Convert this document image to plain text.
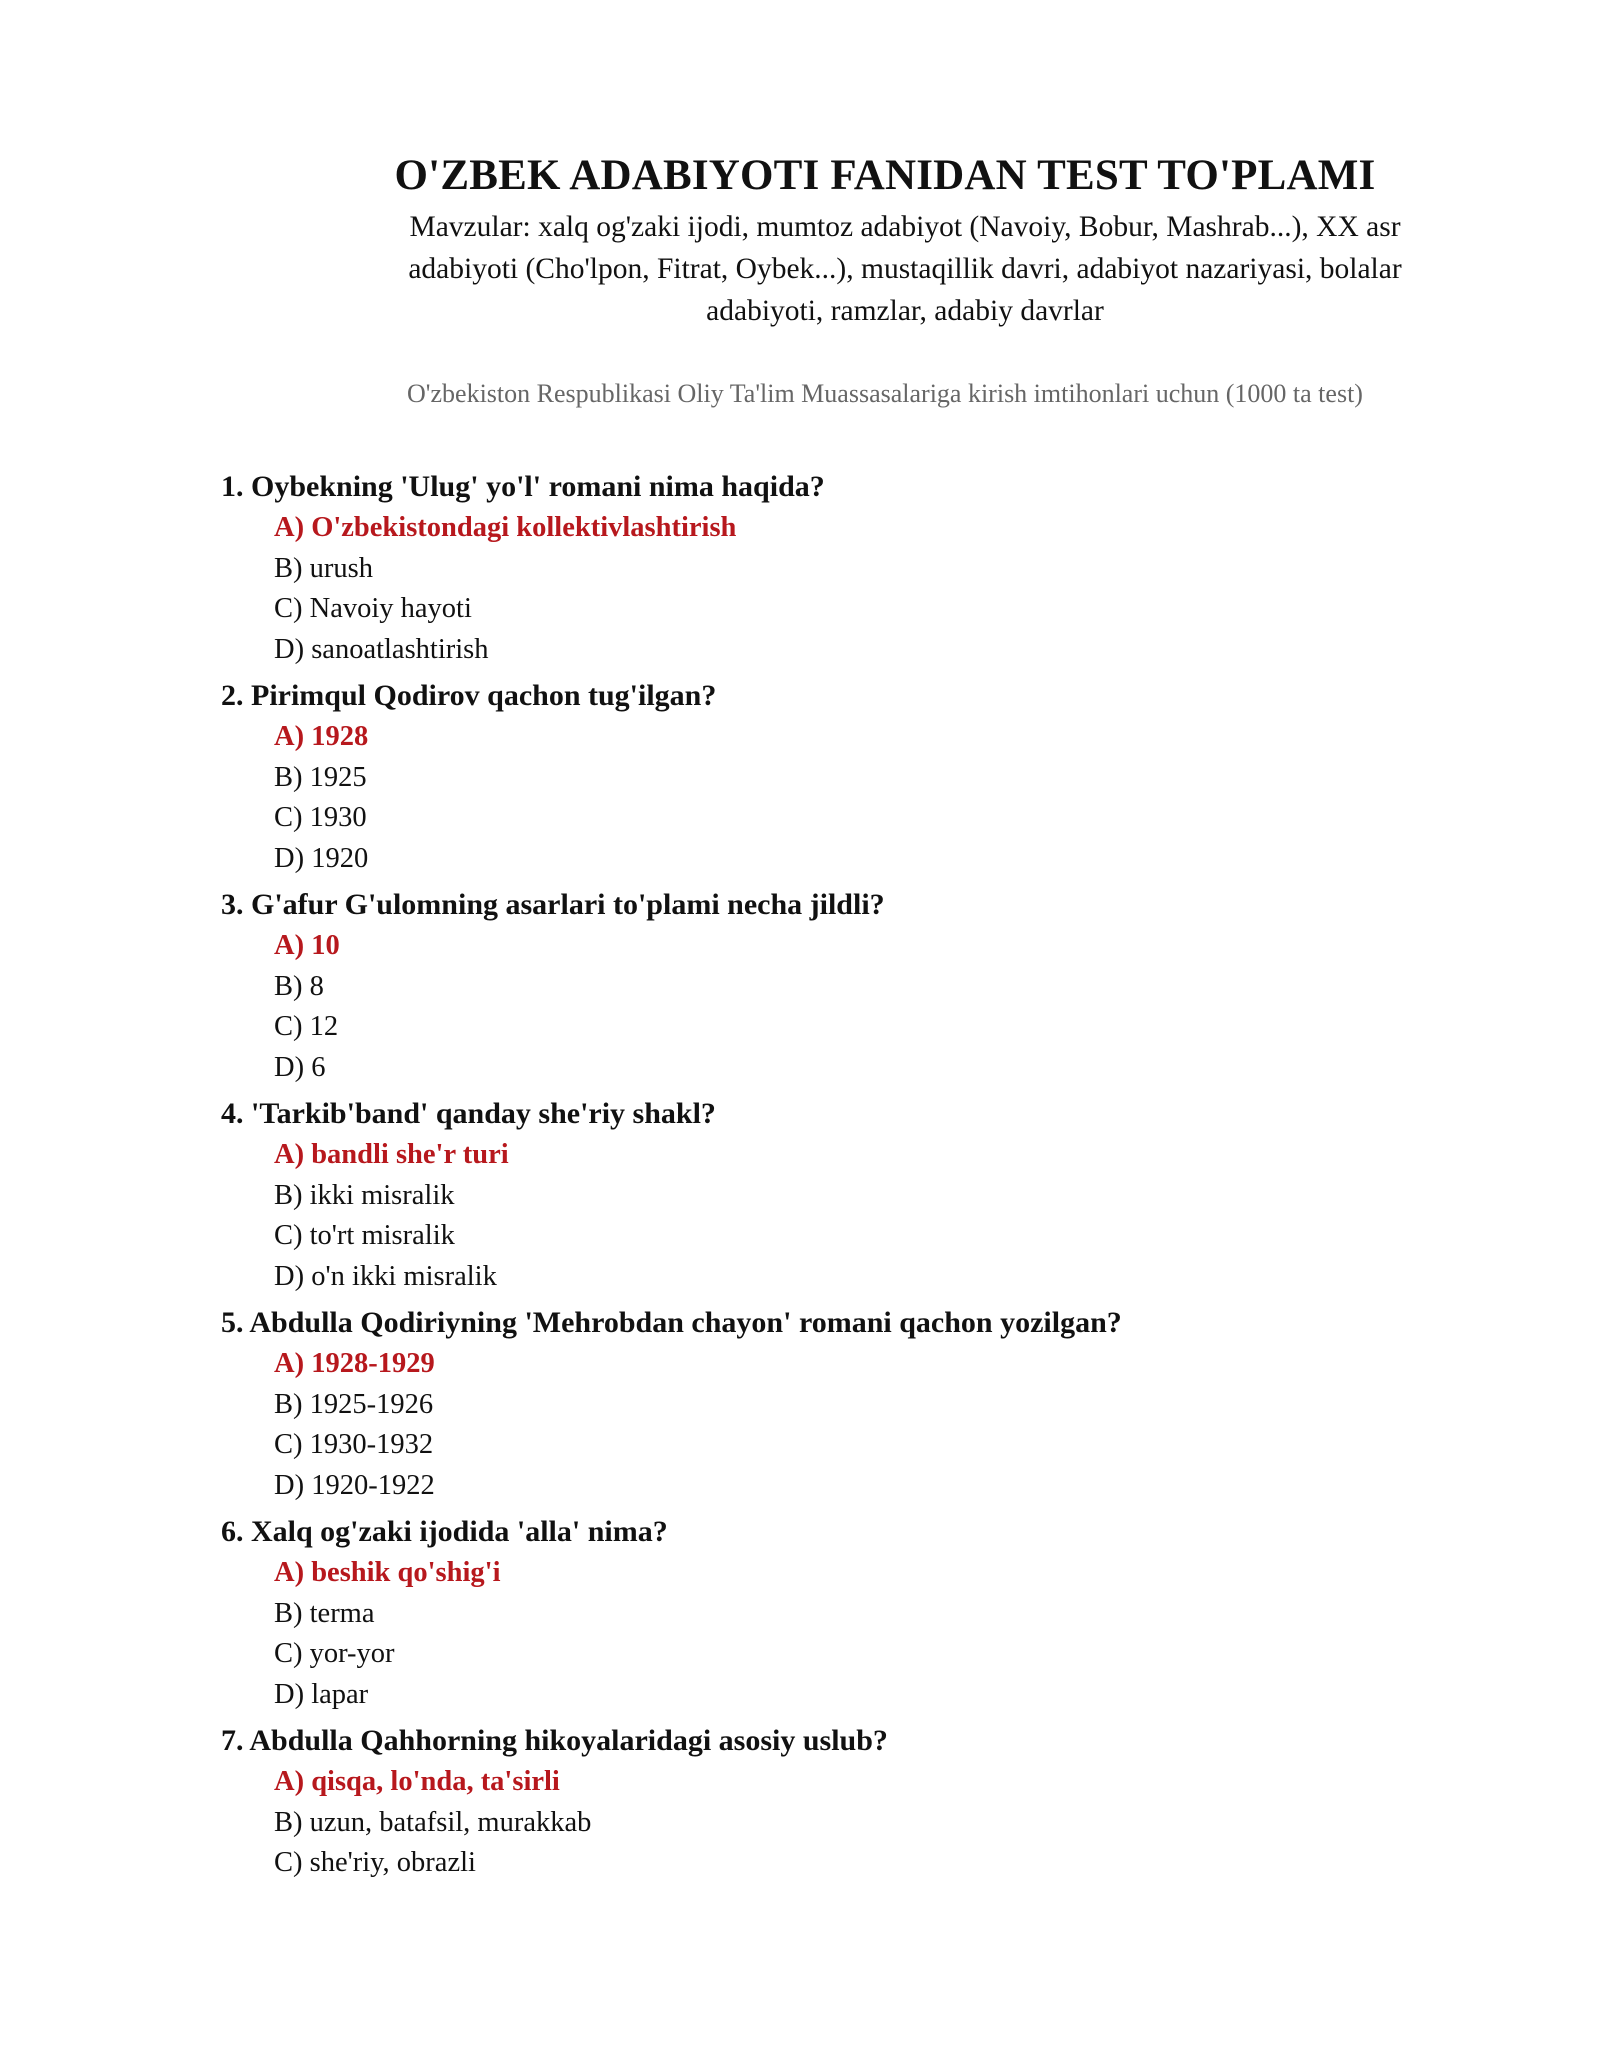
O'ZBEK ADABIYOTI FANIDAN TEST TO'PLAMI
Mavzular: xalq og'zaki ijodi, mumtoz adabiyot (Navoiy, Bobur, Mashrab...), XX asr adabiyoti (Cho'lpon, Fitrat, Oybek...), mustaqillik davri, adabiyot nazariyasi, bolalar adabiyoti, ramzlar, adabiy davrlar
O'zbekiston Respublikasi Oliy Ta'lim Muassasalariga kirish imtihonlari uchun (1000 ta test)
1. Oybekning 'Ulug' yo'l' romani nima haqida?
A) O'zbekistondagi kollektivlashtirish
B) urush
C) Navoiy hayoti
D) sanoatlashtirish
2. Pirimqul Qodirov qachon tug'ilgan?
A) 1928
B) 1925
C) 1930
D) 1920
3. G'afur G'ulomning asarlari to'plami necha jildli?
A) 10
B) 8
C) 12
D) 6
4. 'Tarkib'band' qanday she'riy shakl?
A) bandli she'r turi
B) ikki misralik
C) to'rt misralik
D) o'n ikki misralik
5. Abdulla Qodiriyning 'Mehrobdan chayon' romani qachon yozilgan?
A) 1928-1929
B) 1925-1926
C) 1930-1932
D) 1920-1922
6. Xalq og'zaki ijodida 'alla' nima?
A) beshik qo'shig'i
B) terma
C) yor-yor
D) lapar
7. Abdulla Qahhorning hikoyalaridagi asosiy uslub?
A) qisqa, lo'nda, ta'sirli
B) uzun, batafsil, murakkab
C) she'riy, obrazli
